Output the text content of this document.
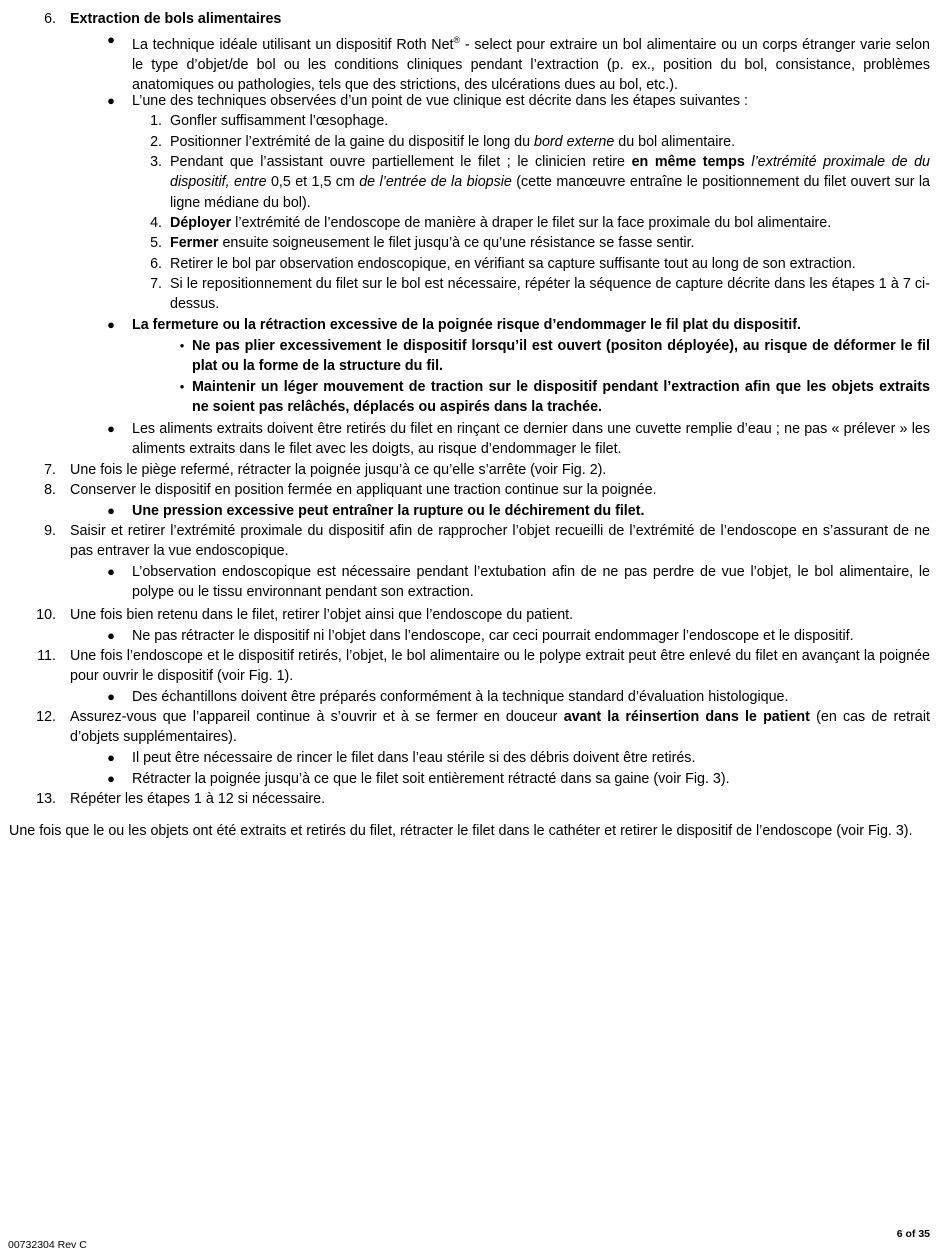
6. Extraction de bols alimentaires
●	La technique idéale utilisant un dispositif Roth Net® - select pour extraire un bol alimentaire ou un corps étranger varie selon le type d’objet/de bol ou les conditions cliniques pendant l’extraction (p. ex., position du bol, consistance, problèmes anatomiques ou pathologies, tels que des strictions, des ulcérations dues au bol, etc.).
●	L’une des techniques observées d’un point de vue clinique est décrite dans les étapes suivantes :
1. Gonfler suffisamment l’œsophage.
2. Positionner l’extrémité de la gaine du dispositif le long du bord externe du bol alimentaire.
3. Pendant que l’assistant ouvre partiellement le filet ; le clinicien retire en même temps l’extrémité proximale de du dispositif, entre 0,5 et 1,5 cm de l’entrée de la biopsie (cette manœuvre entraîne le positionnement du filet ouvert sur la ligne médiane du bol).
4. Déployer l’extrémité de l’endoscope de manière à draper le filet sur la face proximale du bol alimentaire.
5. Fermer ensuite soigneusement le filet jusqu’à ce qu’une résistance se fasse sentir.
6. Retirer le bol par observation endoscopique, en vérifiant sa capture suffisante tout au long de son extraction.
7. Si le repositionnement du filet sur le bol est nécessaire, répéter la séquence de capture décrite dans les étapes 1 à 7 ci-dessus.
●	La fermeture ou la rétraction excessive de la poignée risque d’endommager le fil plat du dispositif.
• Ne pas plier excessivement le dispositif lorsqu’il est ouvert (positon déployée), au risque de déformer le fil plat ou la forme de la structure du fil.
• Maintenir un léger mouvement de traction sur le dispositif pendant l’extraction afin que les objets extraits ne soient pas relâchés, déplacés ou aspirés dans la trachée.
●	Les aliments extraits doivent être retirés du filet en rinçant ce dernier dans une cuvette remplie d’eau ; ne pas « prélever » les aliments extraits dans le filet avec les doigts, au risque d’endommager le filet.
7. Une fois le piège refermé, rétracter la poignée jusqu’à ce qu’elle s’arrête (voir Fig. 2).
8. Conserver le dispositif en position fermée en appliquant une traction continue sur la poignée.
●	Une pression excessive peut entraîner la rupture ou le déchirement du filet.
9. Saisir et retirer l’extrémité proximale du dispositif afin de rapprocher l’objet recueilli de l’extrémité de l’endoscope en s’assurant de ne pas entraver la vue endoscopique.
●	L’observation endoscopique est nécessaire pendant l’extubation afin de ne pas perdre de vue l’objet, le bol alimentaire, le polype ou le tissu environnant pendant son extraction.
10. Une fois bien retenu dans le filet, retirer l’objet ainsi que l’endoscope du patient.
●	Ne pas rétracter le dispositif ni l’objet dans l’endoscope, car ceci pourrait endommager l’endoscope et le dispositif.
11. Une fois l’endoscope et le dispositif retirés, l’objet, le bol alimentaire ou le polype extrait peut être enlevé du filet en avançant la poignée pour ouvrir le dispositif (voir Fig. 1).
●	Des échantillons doivent être préparés conformément à la technique standard d’évaluation histologique.
12. Assurez-vous que l’appareil continue à s’ouvrir et à se fermer en douceur avant la réinsertion dans le patient (en cas de retrait d’objets supplémentaires).
●	Il peut être nécessaire de rincer le filet dans l’eau stérile si des débris doivent être retirés.
●	Rétracter la poignée jusqu’à ce que le filet soit entièrement rétracté dans sa gaine (voir Fig. 3).
13. Répéter les étapes 1 à 12 si nécessaire.
Une fois que le ou les objets ont été extraits et retirés du filet, rétracter le filet dans le cathéter et retirer le dispositif de l’endoscope (voir Fig. 3).
6 of 35
00732304 Rev C
